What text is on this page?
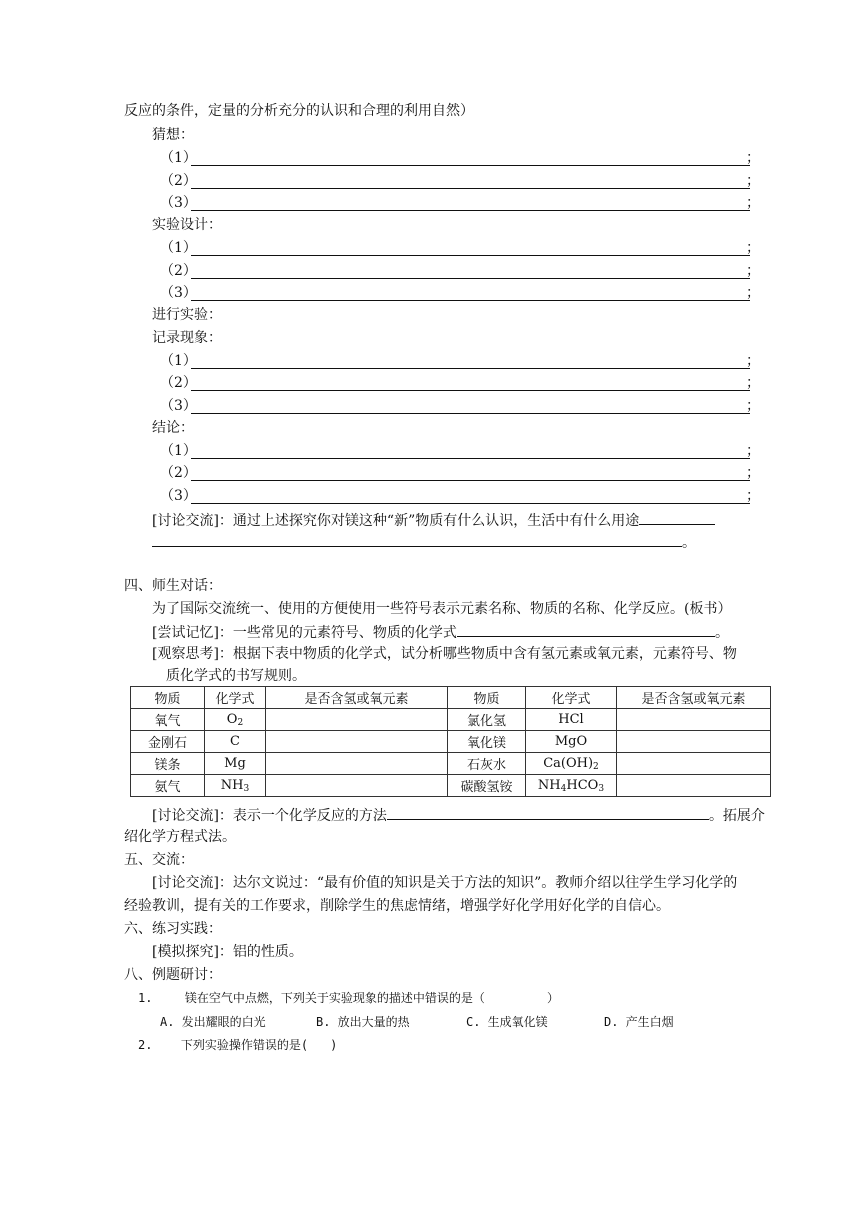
反应的条件，定量的分析充分的认识和合理的利用自然）
猜想：
（1）	；
（2）	；
（3）	；
实验设计：
（1）	；
（2）	；
（3）	；
进行实验：
记录现象：
（1）	；
（2）	；
（3）	；
结论：
（1）	；
（2）	；
（3）	；
[讨论交流]：通过上述探究你对镁这种“新”物质有什么认识，生活中有什么用途
。
四、师生对话：
为了国际交流统一、使用的方便使用一些符号表示元素名称、物质的名称、化学反应。(板书）
[尝试记忆]：一些常见的元素符号、物质的化学式	。
[观察思考]：根据下表中物质的化学式，试分析哪些物质中含有氢元素或氧元素，元素符号、物
质化学式的书写规则。
物质	化学式	是否含氢或氧元素	物质	化学式	是否含氢或氧元素
氧气	$O_2$		氯化氢	HCl	
金刚石	C		氧化镁	MgO	
镁条	Mg		石灰水	$Ca(OH)_2$	
氨气	$NH_3$		碳酸氢铵	$NH_4HCO_3$	
[讨论交流]：表示一个化学反应的方法	。拓展介
绍化学方程式法。
五、交流：
[讨论交流]：达尔文说过：“最有价值的知识是关于方法的知识”。教师介绍以往学生学习化学的
经验教训，提有关的工作要求，削除学生的焦虑情绪，增强学好化学用好化学的自信心。
六、练习实践：
[模拟探究]：铝的性质。
八、例题研讨：
1.	镁在空气中点燃，下列关于实验现象的描述中错误的是（	）
A. 发出耀眼的白光	B. 放出大量的热	C. 生成氧化镁	D. 产生白烟
2. 下列实验操作错误的是( )
